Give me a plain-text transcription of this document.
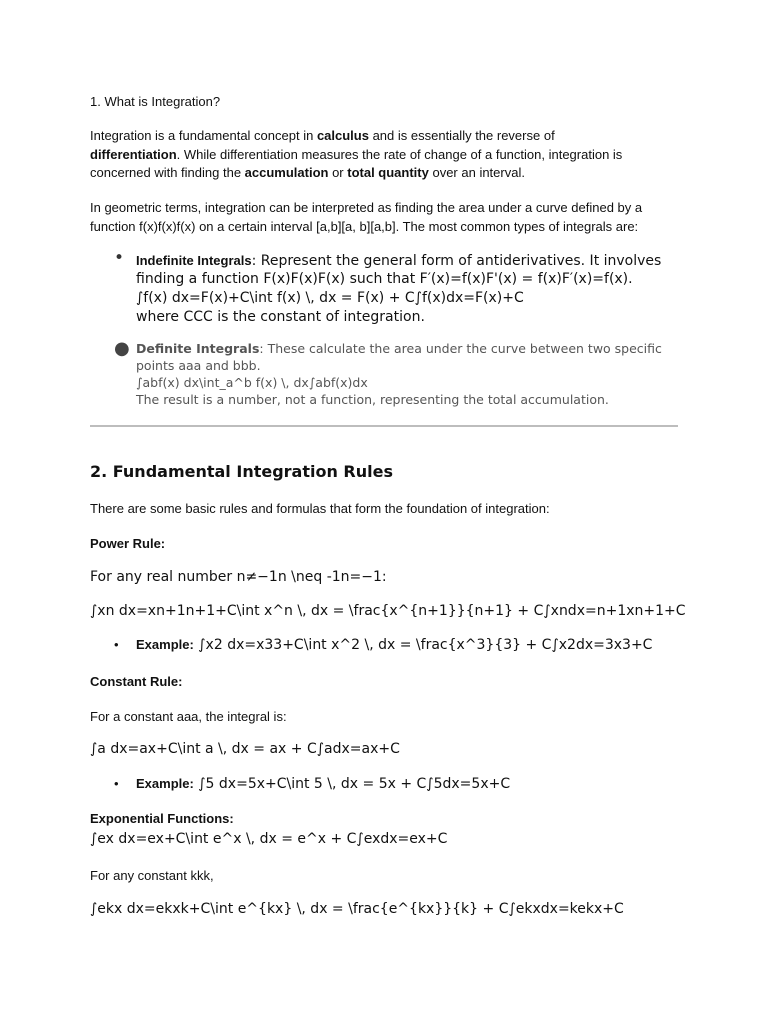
1. What is Integration?
Integration is a fundamental concept in calculus and is essentially the reverse of
differentiation. While differentiation measures the rate of change of a function, integration is
concerned with finding the accumulation or total quantity over an interval.
In geometric terms, integration can be interpreted as finding the area under a curve defined by a
function f(x)f(x)f(x) on a certain interval [a,b][a, b][a,b]. The most common types of integrals are:
• Indefinite Integrals: Represent the general form of antiderivatives. It involves
finding a function F(x)F(x)F(x) such that F′(x)=f(x)F'(x) = f(x)F′(x)=f(x).
∫f(x) dx=F(x)+C\int f(x) \, dx = F(x) + C∫f(x)dx=F(x)+C
where CCC is the constant of integration.
● Definite Integrals: These calculate the area under the curve between two specific
points aaa and bbb.
∫abf(x) dx\int_a^b f(x) \, dx∫abf(x)dx
The result is a number, not a function, representing the total accumulation.
2. Fundamental Integration Rules
There are some basic rules and formulas that form the foundation of integration:
Power Rule:
For any real number n≠−1n \neq -1n=−1:
∫xn dx=xn+1n+1+C\int x^n \, dx = \frac{x^{n+1}}{n+1} + C∫xndx=n+1xn+1+C
• Example: ∫x2 dx=x33+C\int x^2 \, dx = \frac{x^3}{3} + C∫x2dx=3x3+C
Constant Rule:
For a constant aaa, the integral is:
∫a dx=ax+C\int a \, dx = ax + C∫adx=ax+C
• Example: ∫5 dx=5x+C\int 5 \, dx = 5x + C∫5dx=5x+C
Exponential Functions:
∫ex dx=ex+C\int e^x \, dx = e^x + C∫exdx=ex+C
For any constant kkk,
∫ekx dx=ekxk+C\int e^{kx} \, dx = \frac{e^{kx}}{k} + C∫ekxdx=kekx+C
